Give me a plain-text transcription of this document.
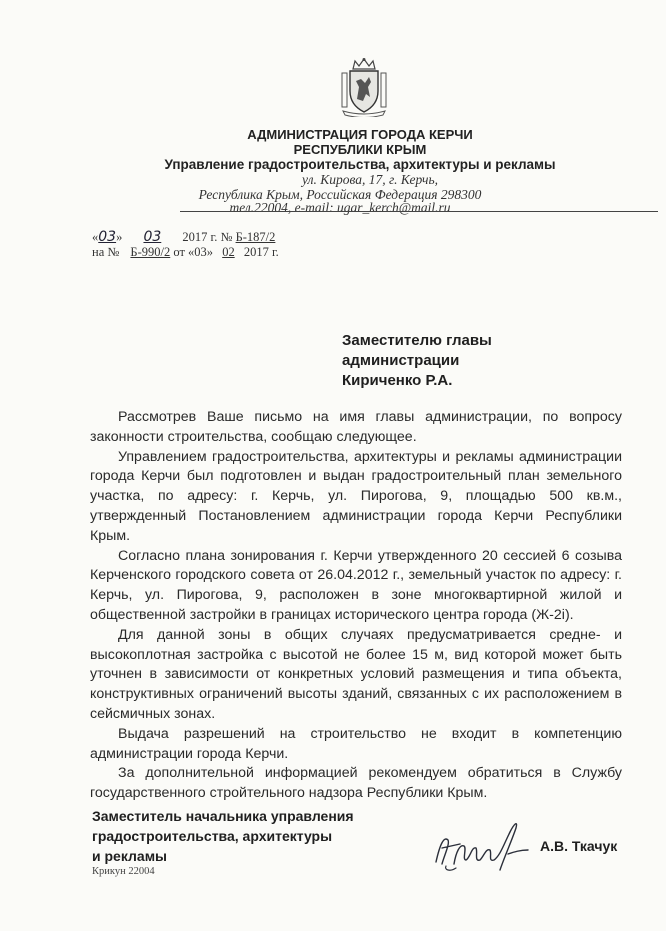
АДМИНИСТРАЦИЯ ГОРОДА КЕРЧИ
РЕСПУБЛИКИ КРЫМ
Управление градостроительства, архитектуры и рекламы
ул. Кирова, 17, г. Керчь,
Республика Крым, Российская Федерация 298300
тел.22004, e-mail: ugar_kerch@mail.ru
«03» 03 2017 г. № Б-187/2
на № Б-990/2 от «03» 02 2017 г.
Заместителю главы
администрации
Кириченко Р.А.

Рассмотрев Ваше письмо на имя главы администрации, по вопросу законности строительства, сообщаю следующее.

Управлением градостроительства, архитектуры и рекламы администрации города Керчи был подготовлен и выдан градостроительный план земельного участка, по адресу: г. Керчь, ул. Пирогова, 9, площадью 500 кв.м., утвержденный Постановлением администрации города Керчи Республики Крым.

Согласно плана зонирования г. Керчи утвержденного 20 сессией 6 созыва Керченского городского совета от 26.04.2012 г., земельный участок по адресу: г. Керчь, ул. Пирогова, 9, расположен в зоне многоквартирной жилой и общественной застройки в границах исторического центра города (Ж-2і).

Для данной зоны в общих случаях предусматривается средне- и высокоплотная застройка с высотой не более 15 м, вид которой может быть уточнен в зависимости от конкретных условий размещения и типа объекта, конструктивных ограничений высоты зданий, связанных с их расположением в сейсмичных зонах.

Выдача разрешений на строительство не входит в компетенцию администрации города Керчи.

За дополнительной информацией рекомендуем обратиться в Службу государственного стройтельного надзора Республики Крым.

Заместитель начальника управления
градостроительства, архитектуры
и рекламы
А.В. Ткачук
Крикун 22004
